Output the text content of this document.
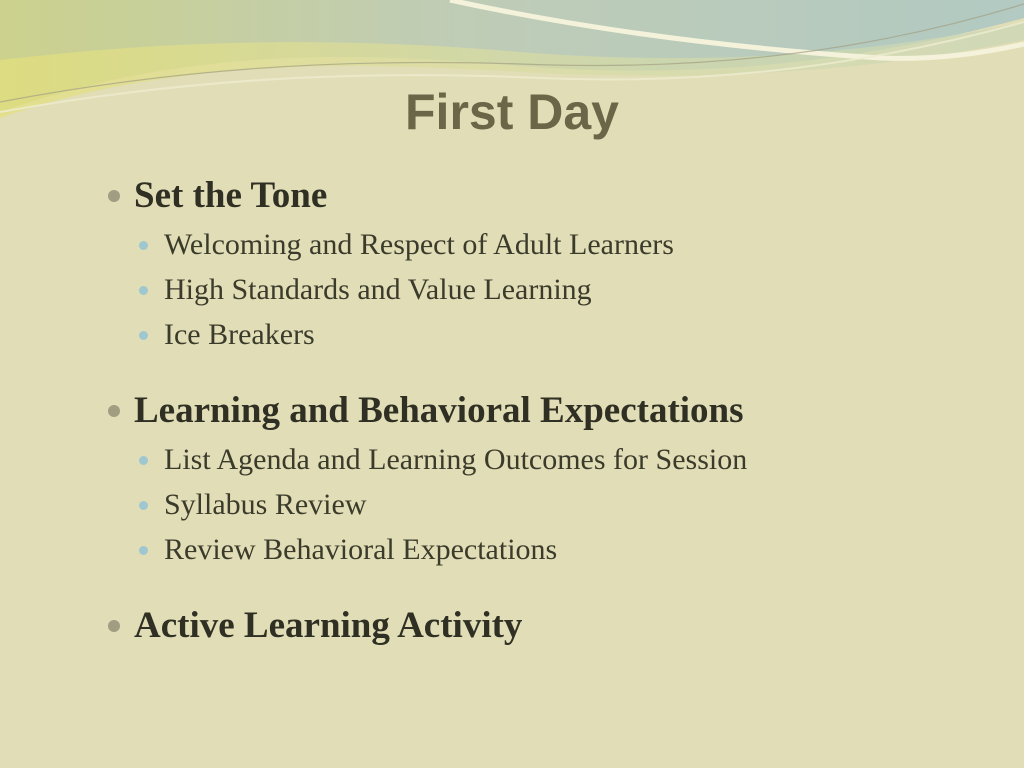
First Day
Set the Tone
Welcoming and Respect of Adult Learners
High Standards and Value Learning
Ice Breakers
Learning and Behavioral Expectations
List Agenda and Learning Outcomes for Session
Syllabus Review
Review Behavioral Expectations
Active Learning Activity
